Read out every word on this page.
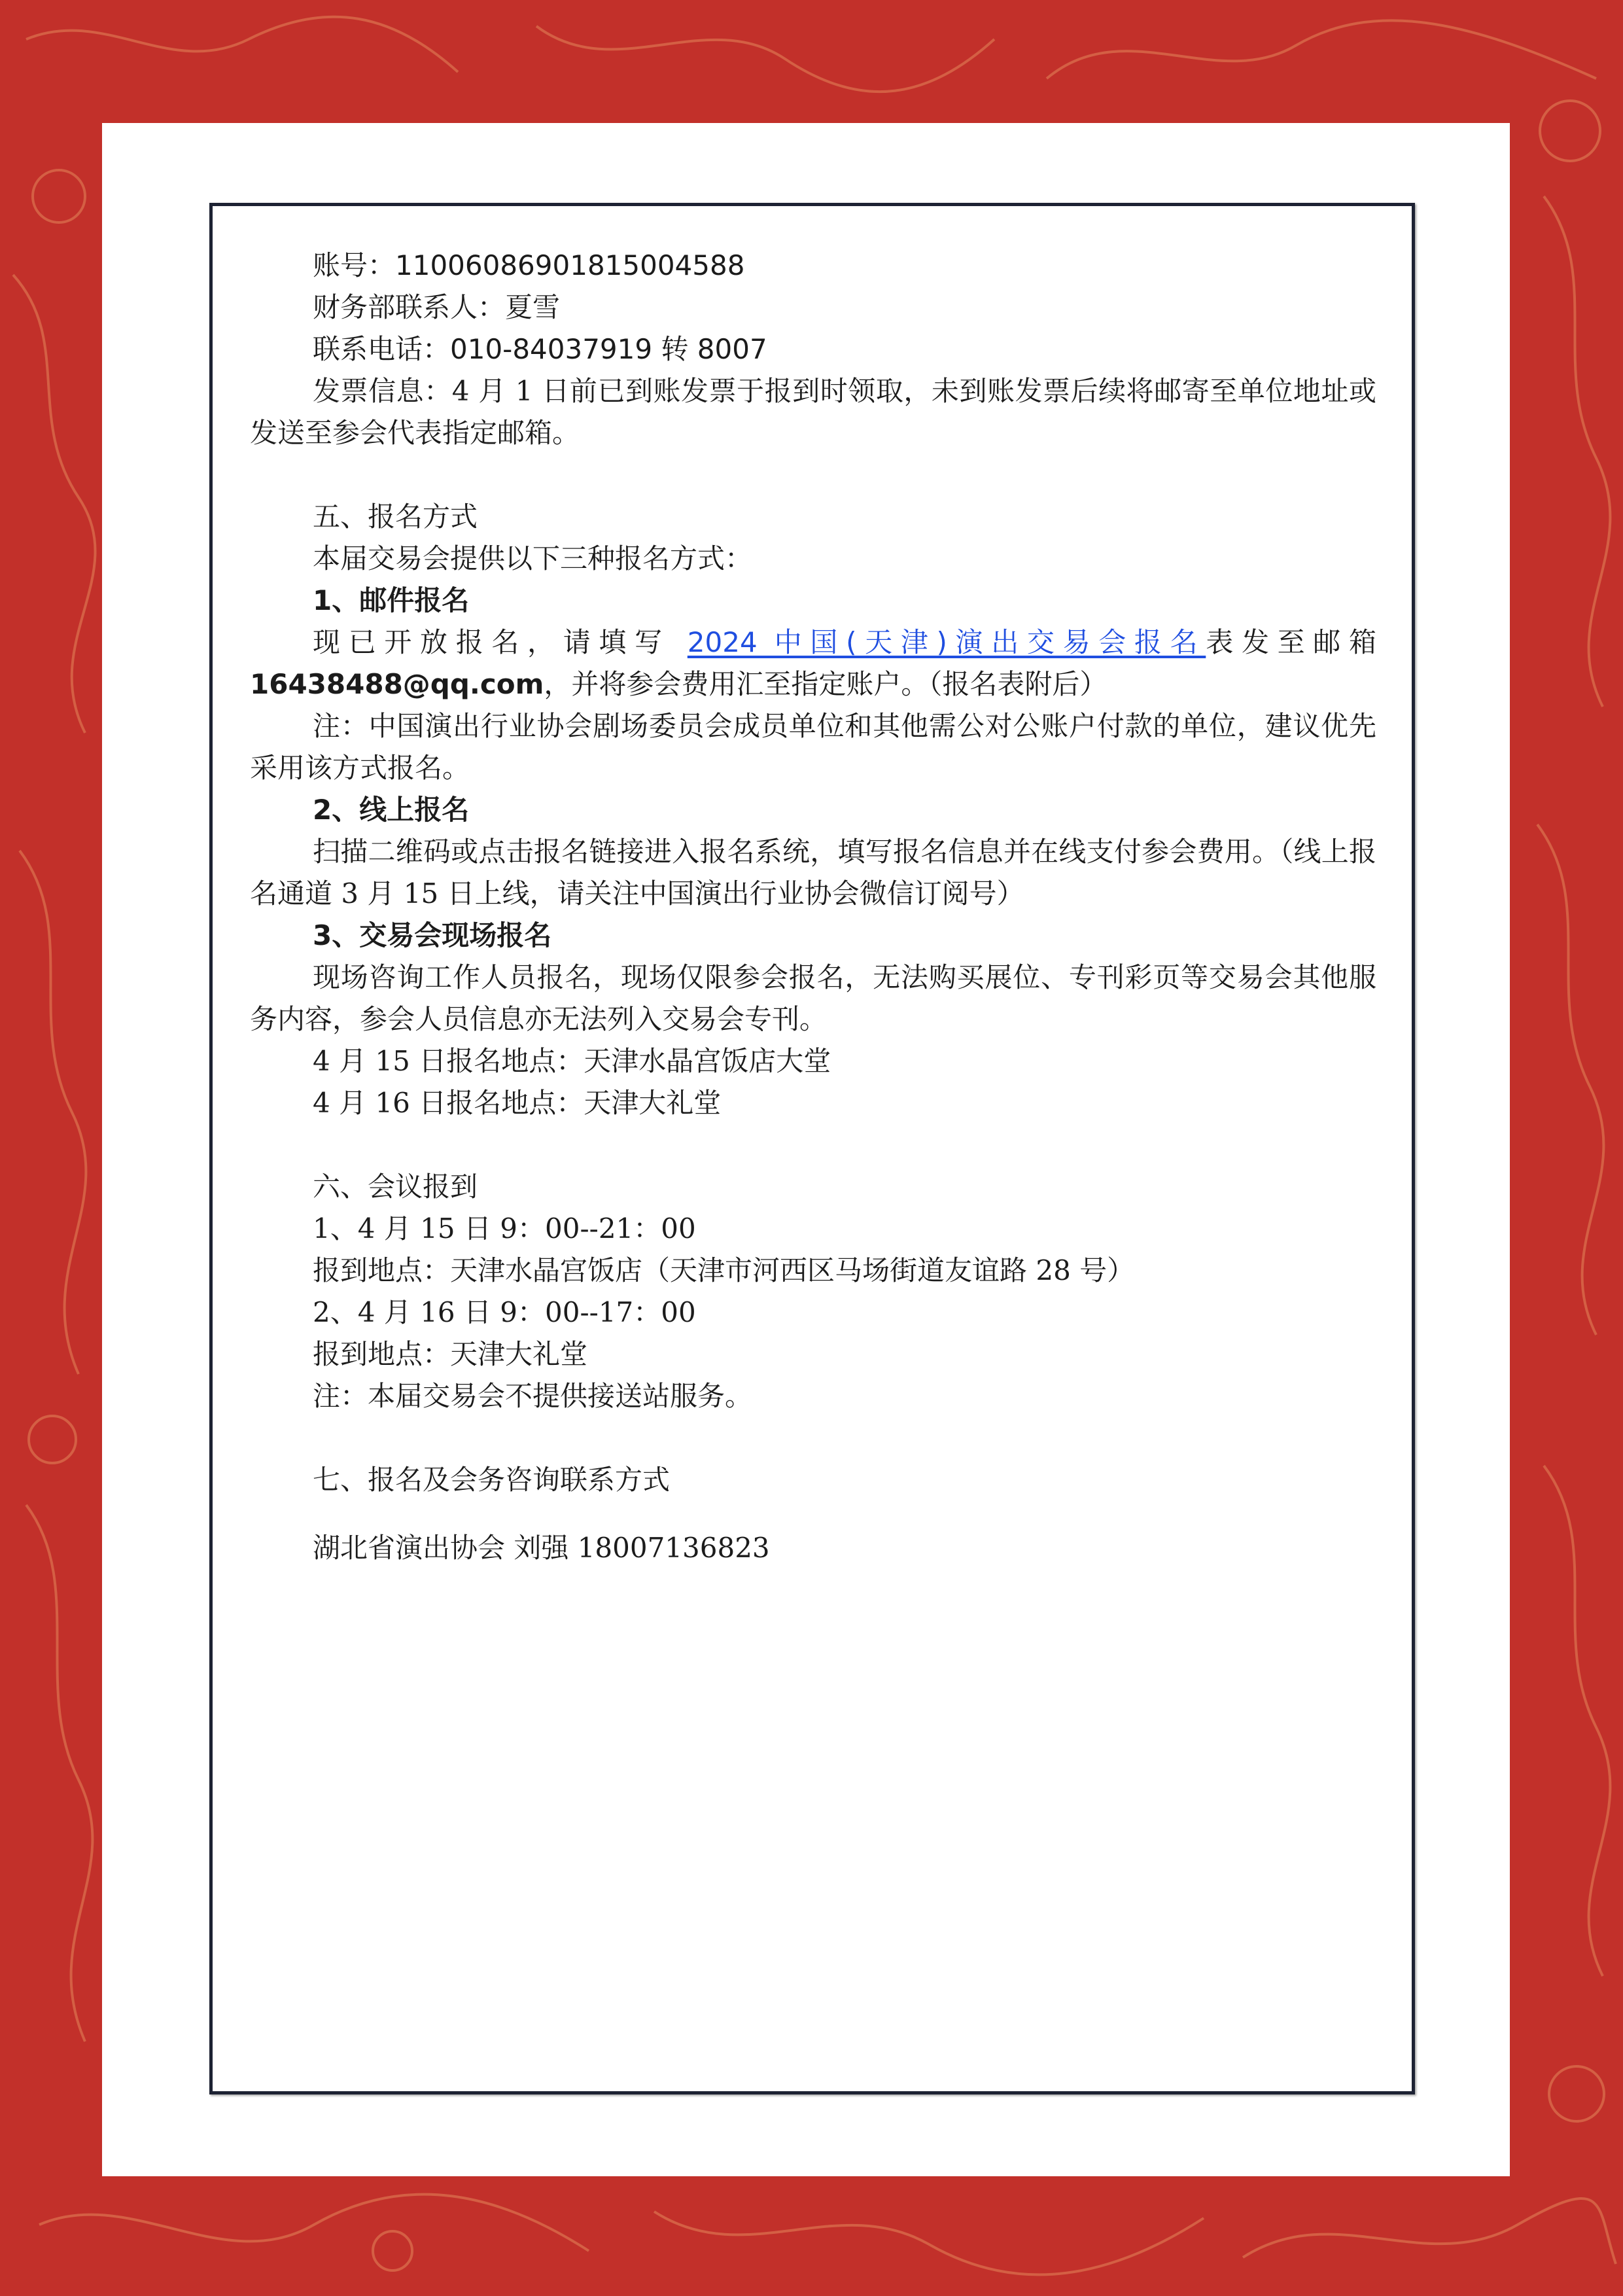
账号：11006086901815004588

财务部联系人：夏雪

联系电话：010-84037919 转 8007

发票信息：4 月 1 日前已到账发票于报到时领取，未到账发票后续将邮寄至单位地址或发送至参会代表指定邮箱。

五、报名方式

本届交易会提供以下三种报名方式：

1、邮件报名

现已开放报名，请填写 2024 中国(天津)演出交易会报名表发至邮箱16438488@qq.com，并将参会费用汇至指定账户。（报名表附后）

注：中国演出行业协会剧场委员会成员单位和其他需公对公账户付款的单位，建议优先采用该方式报名。

2、线上报名

扫描二维码或点击报名链接进入报名系统，填写报名信息并在线支付参会费用。（线上报名通道 3 月 15 日上线，请关注中国演出行业协会微信订阅号）

3、交易会现场报名

现场咨询工作人员报名，现场仅限参会报名，无法购买展位、专刊彩页等交易会其他服务内容，参会人员信息亦无法列入交易会专刊。

4 月 15 日报名地点：天津水晶宫饭店大堂

4 月 16 日报名地点：天津大礼堂

六、会议报到

1、4 月 15 日 9：00--21：00

报到地点：天津水晶宫饭店（天津市河西区马场街道友谊路 28 号）

2、4 月 16 日 9：00--17：00

报到地点：天津大礼堂

注：本届交易会不提供接送站服务。

七、报名及会务咨询联系方式

湖北省演出协会 刘强 18007136823
